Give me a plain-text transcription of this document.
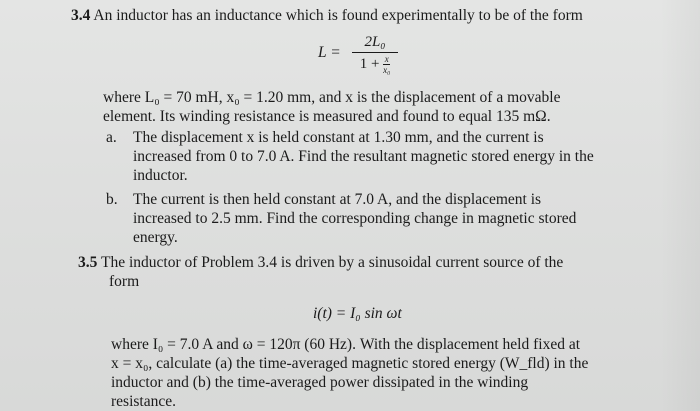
3.4 An inductor has an inductance which is found experimentally to be of the form
L =
2L₀
$1 + \frac{x}{\text{x₀}}$
where L₀ = 70 mH, x₀ = 1.20 mm, and x is the displacement of a movable
element. Its winding resistance is measured and found to equal 135 mΩ.
a. The displacement x is held constant at 1.30 mm, and the current is
increased from 0 to 7.0 A. Find the resultant magnetic stored energy in the
inductor.
b. The current is then held constant at 7.0 A, and the displacement is
increased to 2.5 mm. Find the corresponding change in magnetic stored
energy.
3.5 The inductor of Problem 3.4 is driven by a sinusoidal current source of the
form
i(t) = I₀ sin ωt
where I₀ = 7.0 A and ω = 120π (60 Hz). With the displacement held fixed at
x = x₀, calculate (a) the time-averaged magnetic stored energy (W_fld) in the
inductor and (b) the time-averaged power dissipated in the winding
resistance.
